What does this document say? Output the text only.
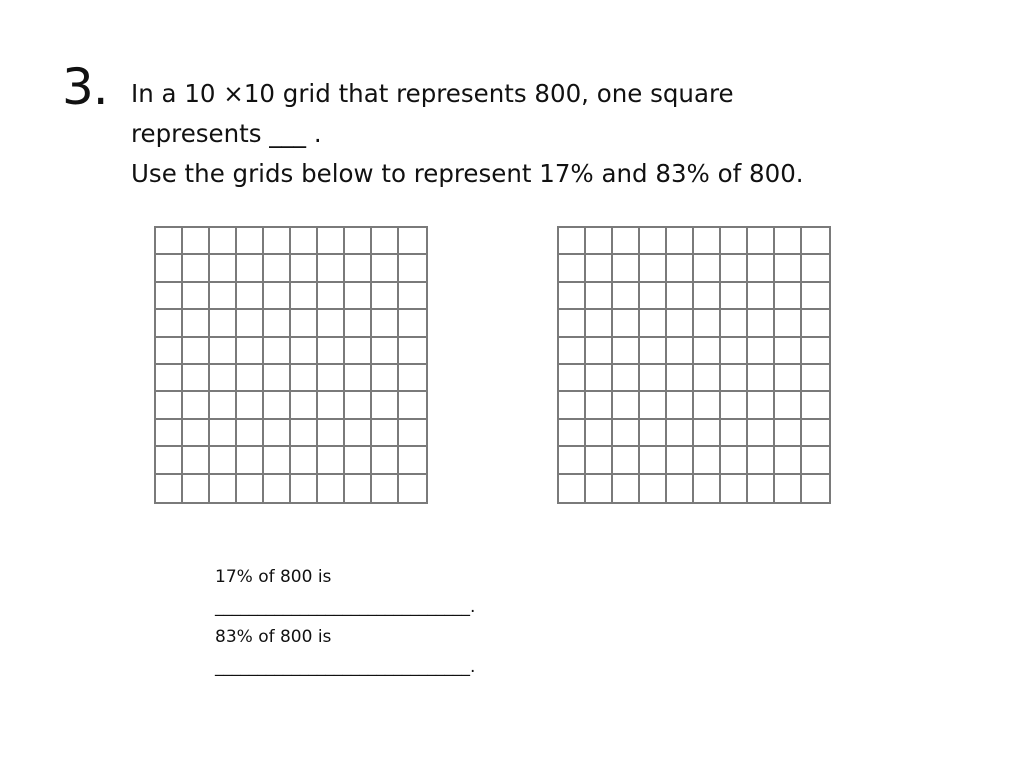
3. In a 10 ×10 grid that represents 800, one square
represents ___ .
Use the grids below to represent 17% and 83% of 800.
17% of 800 is
______________________________.
83% of 800 is
______________________________.
